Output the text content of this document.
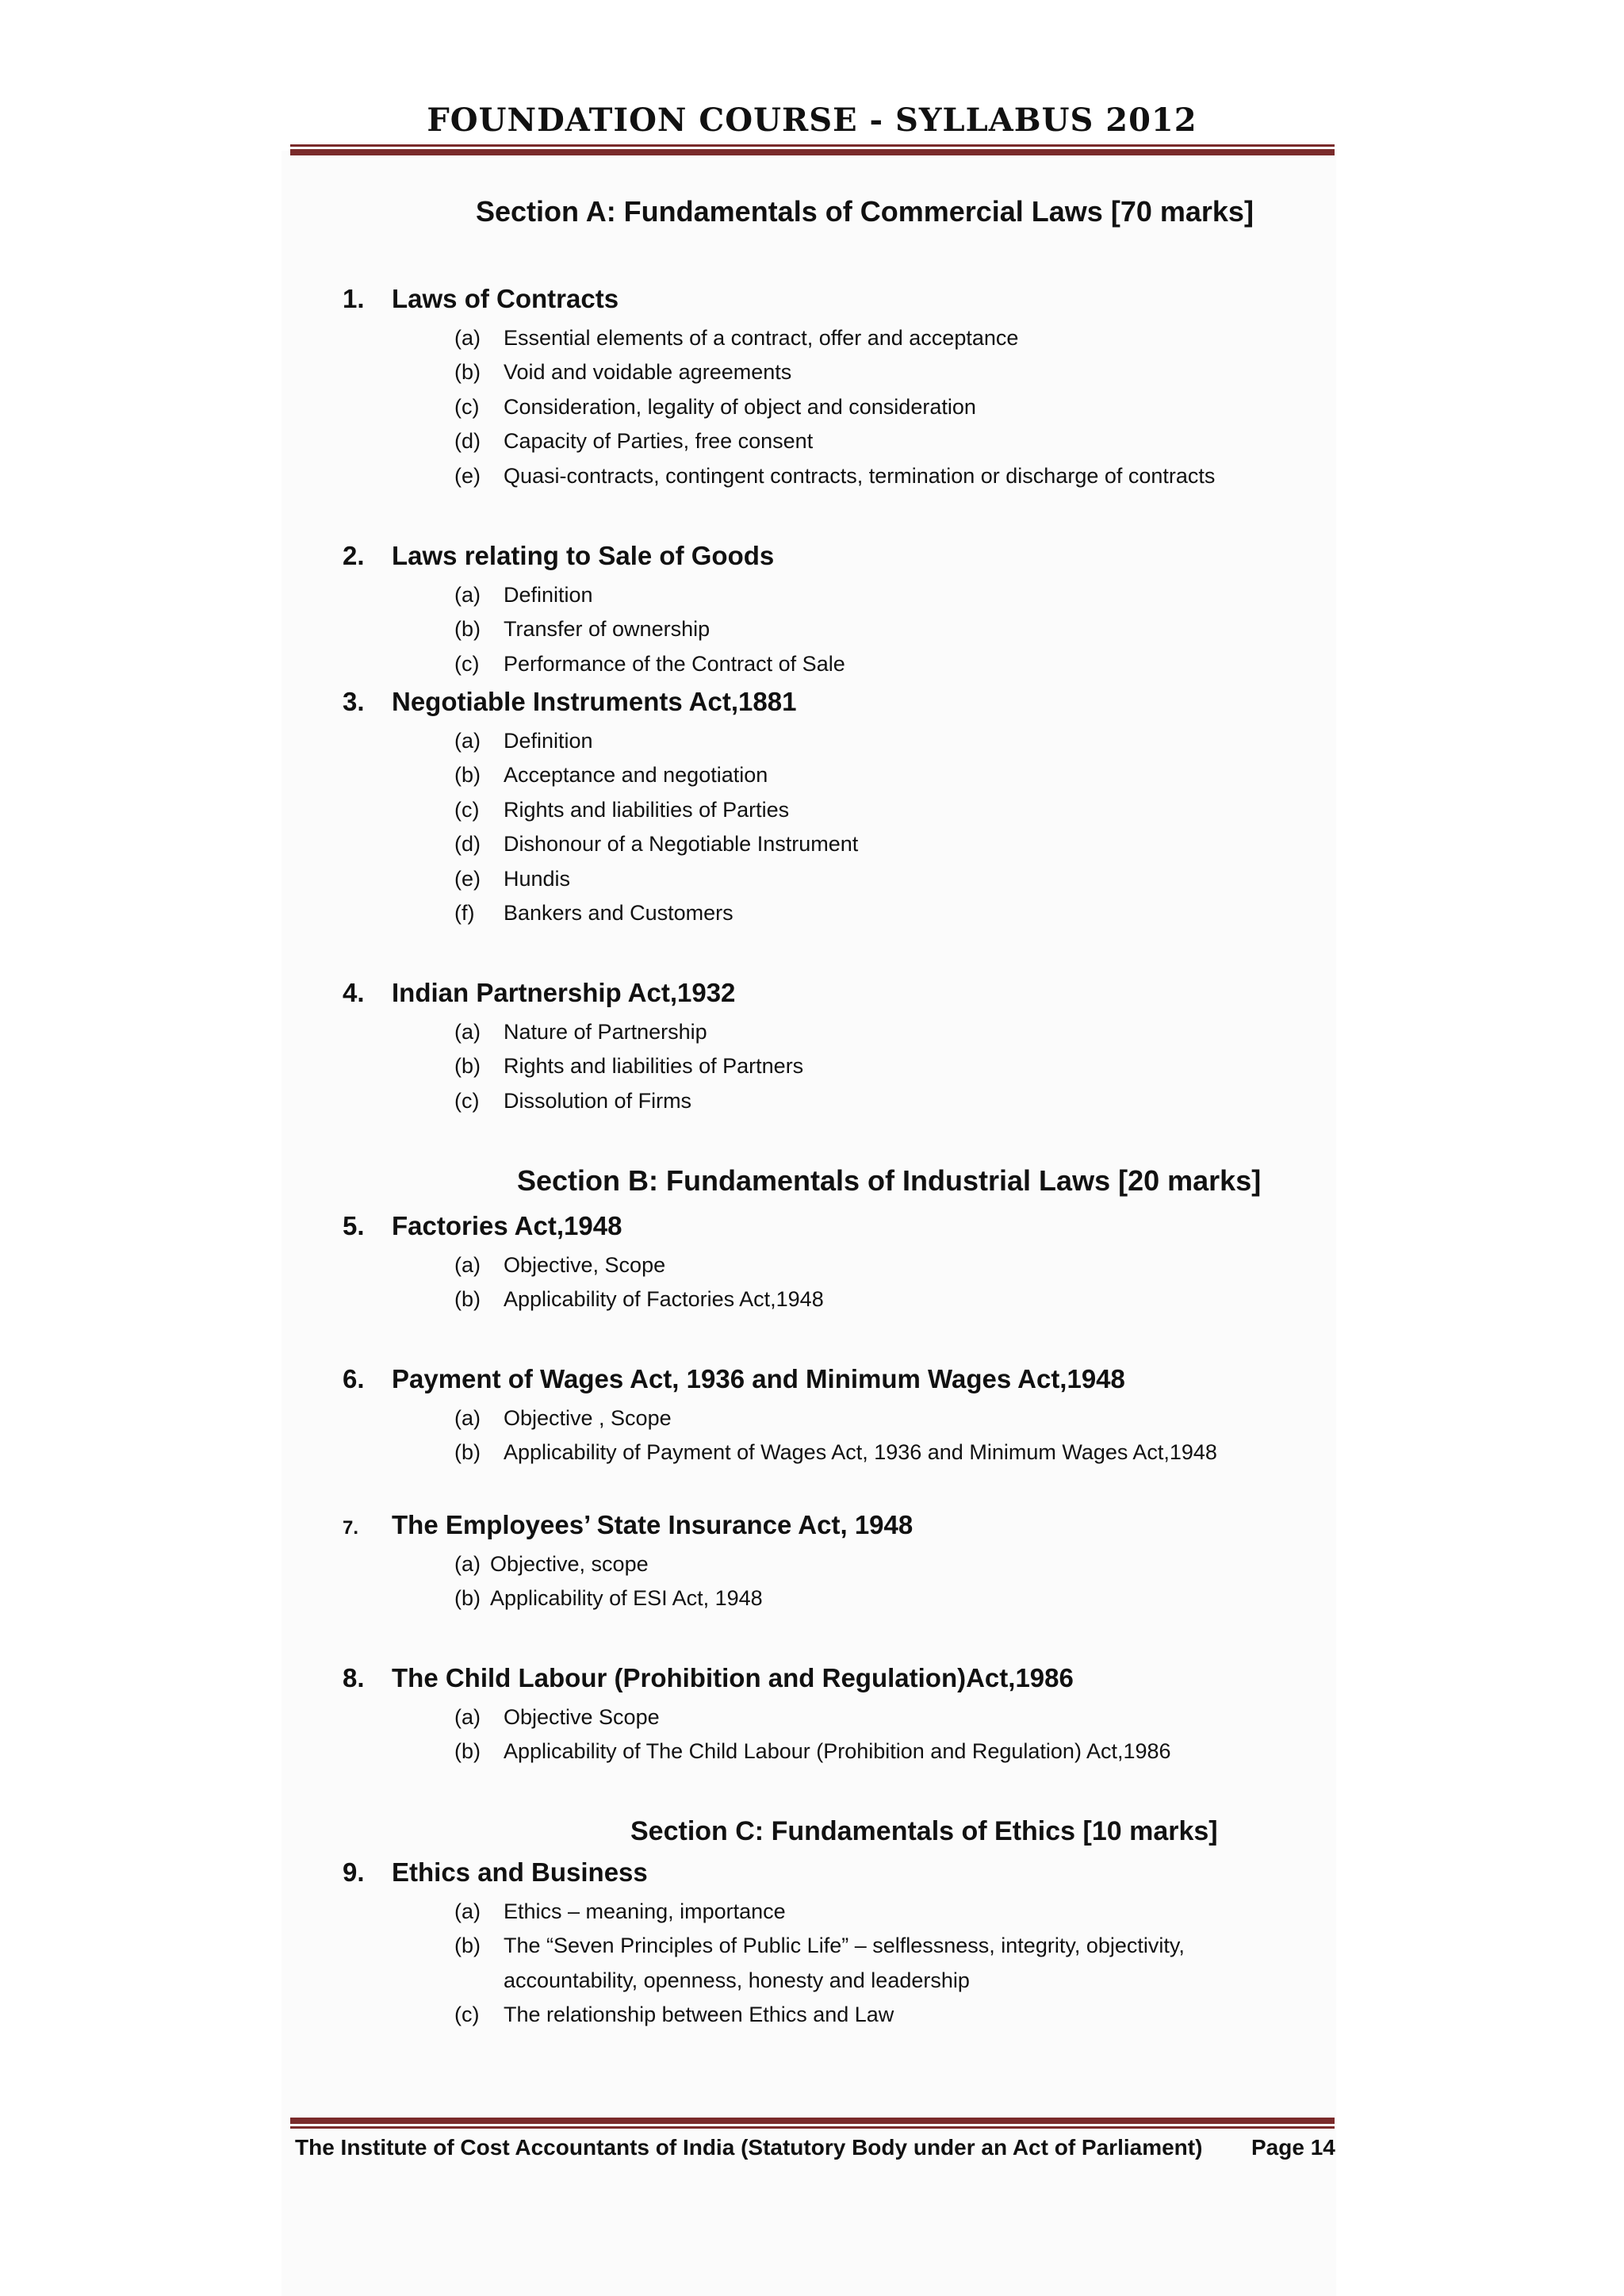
FOUNDATION COURSE - SYLLABUS 2012
Section A: Fundamentals of Commercial Laws [70 marks]
1. Laws of Contracts
(a) Essential elements of a contract, offer and acceptance
(b) Void and voidable agreements
(c) Consideration, legality of object and consideration
(d) Capacity of Parties, free consent
(e) Quasi-contracts, contingent contracts, termination or discharge of contracts
2. Laws relating to Sale of Goods
(a) Definition
(b) Transfer of ownership
(c) Performance of the Contract of Sale
3. Negotiable Instruments Act,1881
(a) Definition
(b) Acceptance and negotiation
(c) Rights and liabilities of Parties
(d) Dishonour of a Negotiable Instrument
(e) Hundis
(f) Bankers and Customers
4. Indian Partnership Act,1932
(a) Nature of Partnership
(b) Rights and liabilities of Partners
(c) Dissolution of Firms
Section B: Fundamentals of Industrial Laws [20 marks]
5. Factories Act,1948
(a) Objective, Scope
(b) Applicability of Factories Act,1948
6. Payment of Wages Act, 1936 and Minimum Wages Act,1948
(a) Objective , Scope
(b) Applicability of Payment of Wages Act, 1936 and Minimum Wages Act,1948
7. The Employees’ State Insurance Act, 1948
(a) Objective, scope
(b) Applicability of ESI Act, 1948
8. The Child Labour (Prohibition and Regulation)Act,1986
(a) Objective Scope
(b) Applicability of The Child Labour (Prohibition and Regulation) Act,1986
Section C: Fundamentals of Ethics [10 marks]
9. Ethics and Business
(a) Ethics – meaning, importance
(b) The “Seven Principles of Public Life” – selflessness, integrity, objectivity,
accountability, openness, honesty and leadership
(c) The relationship between Ethics and Law
The Institute of Cost Accountants of India (Statutory Body under an Act of Parliament) Page 14
